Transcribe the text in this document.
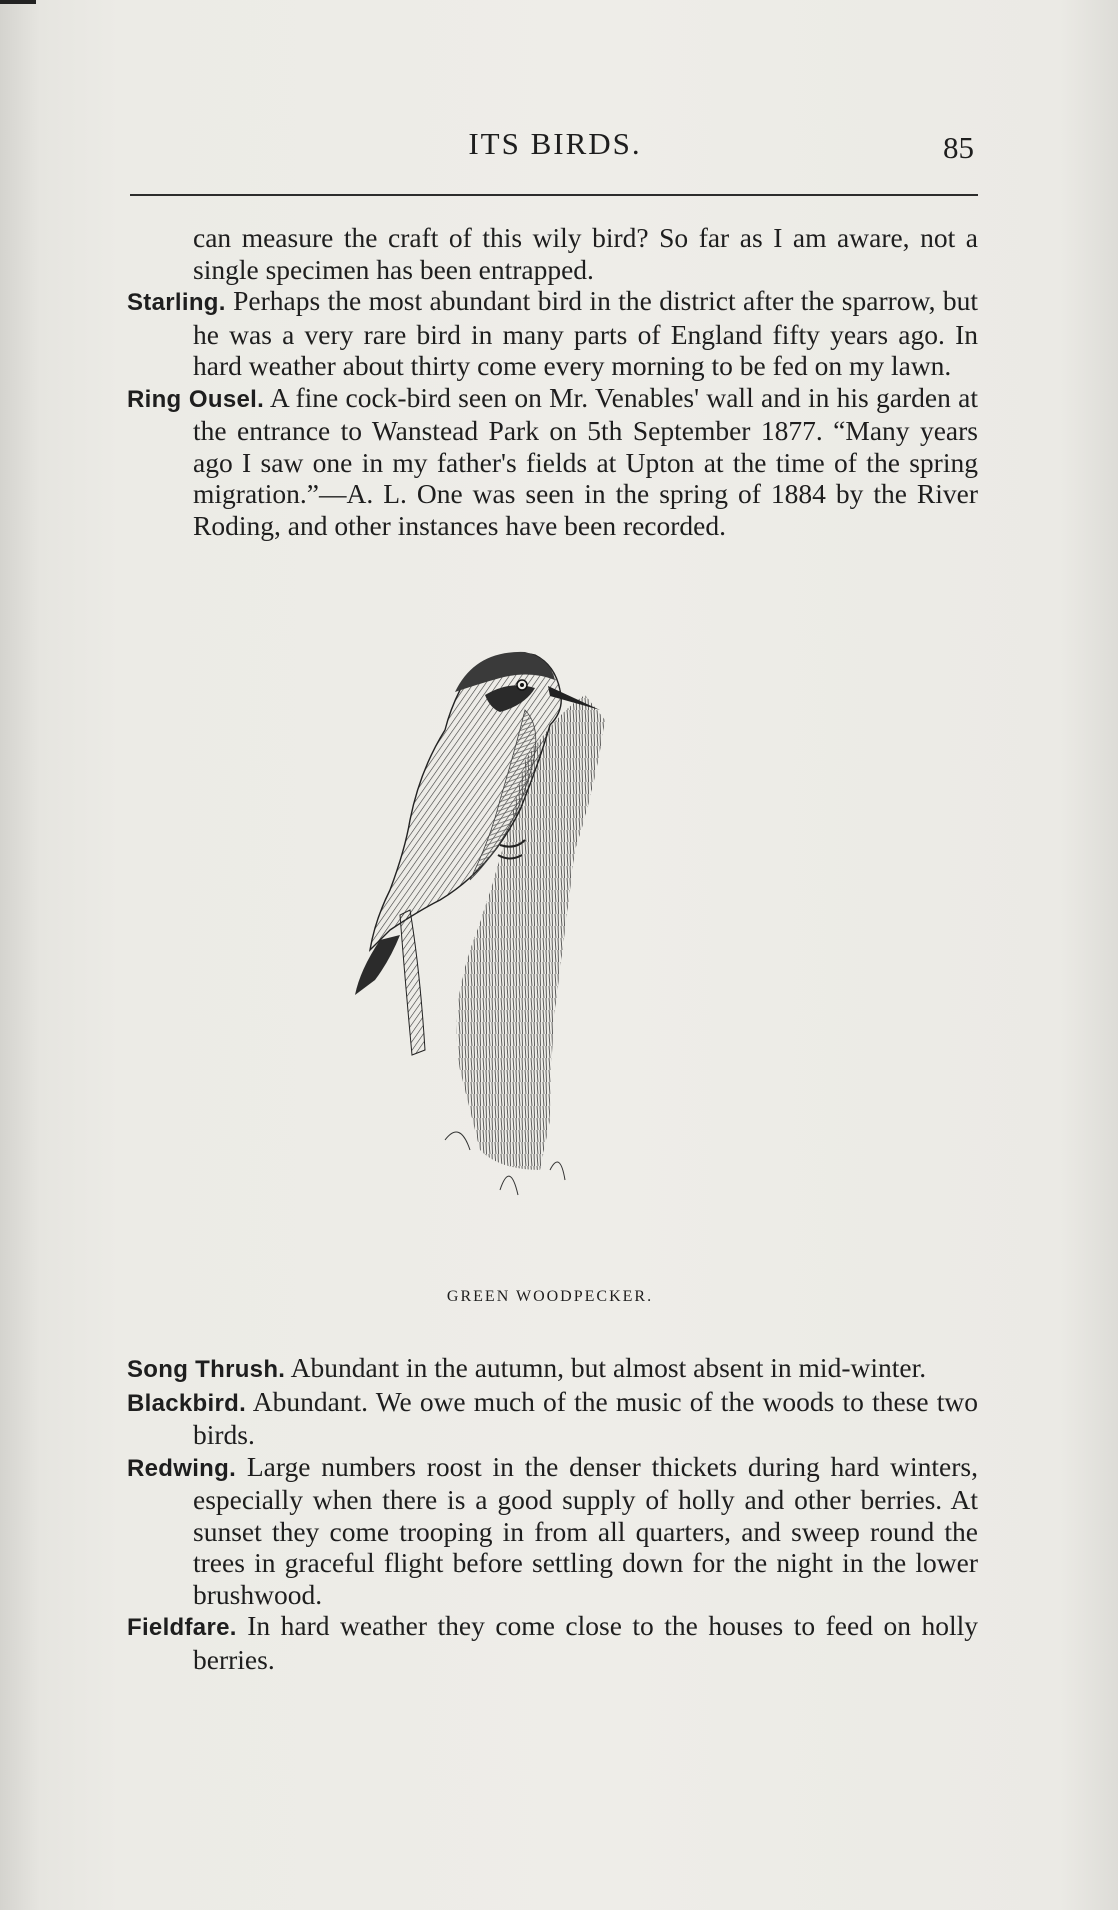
ITS BIRDS.	85

can measure the craft of this wily bird? So far as I am aware, not a single specimen has been entrapped.

Starling. Perhaps the most abundant bird in the district after the sparrow, but he was a very rare bird in many parts of England fifty years ago. In hard weather about thirty come every morning to be fed on my lawn.

Ring Ousel. A fine cock-bird seen on Mr. Venables' wall and in his garden at the entrance to Wanstead Park on 5th September 1877. “Many years ago I saw one in my father's fields at Upton at the time of the spring migration.”—A. L. One was seen in the spring of 1884 by the River Roding, and other instances have been recorded.

GREEN WOODPECKER.

Song Thrush. Abundant in the autumn, but almost absent in mid-winter.

Blackbird. Abundant. We owe much of the music of the woods to these two birds.

Redwing. Large numbers roost in the denser thickets during hard winters, especially when there is a good supply of holly and other berries. At sunset they come trooping in from all quarters, and sweep round the trees in graceful flight before settling down for the night in the lower brushwood.

Fieldfare. In hard weather they come close to the houses to feed on holly berries.
